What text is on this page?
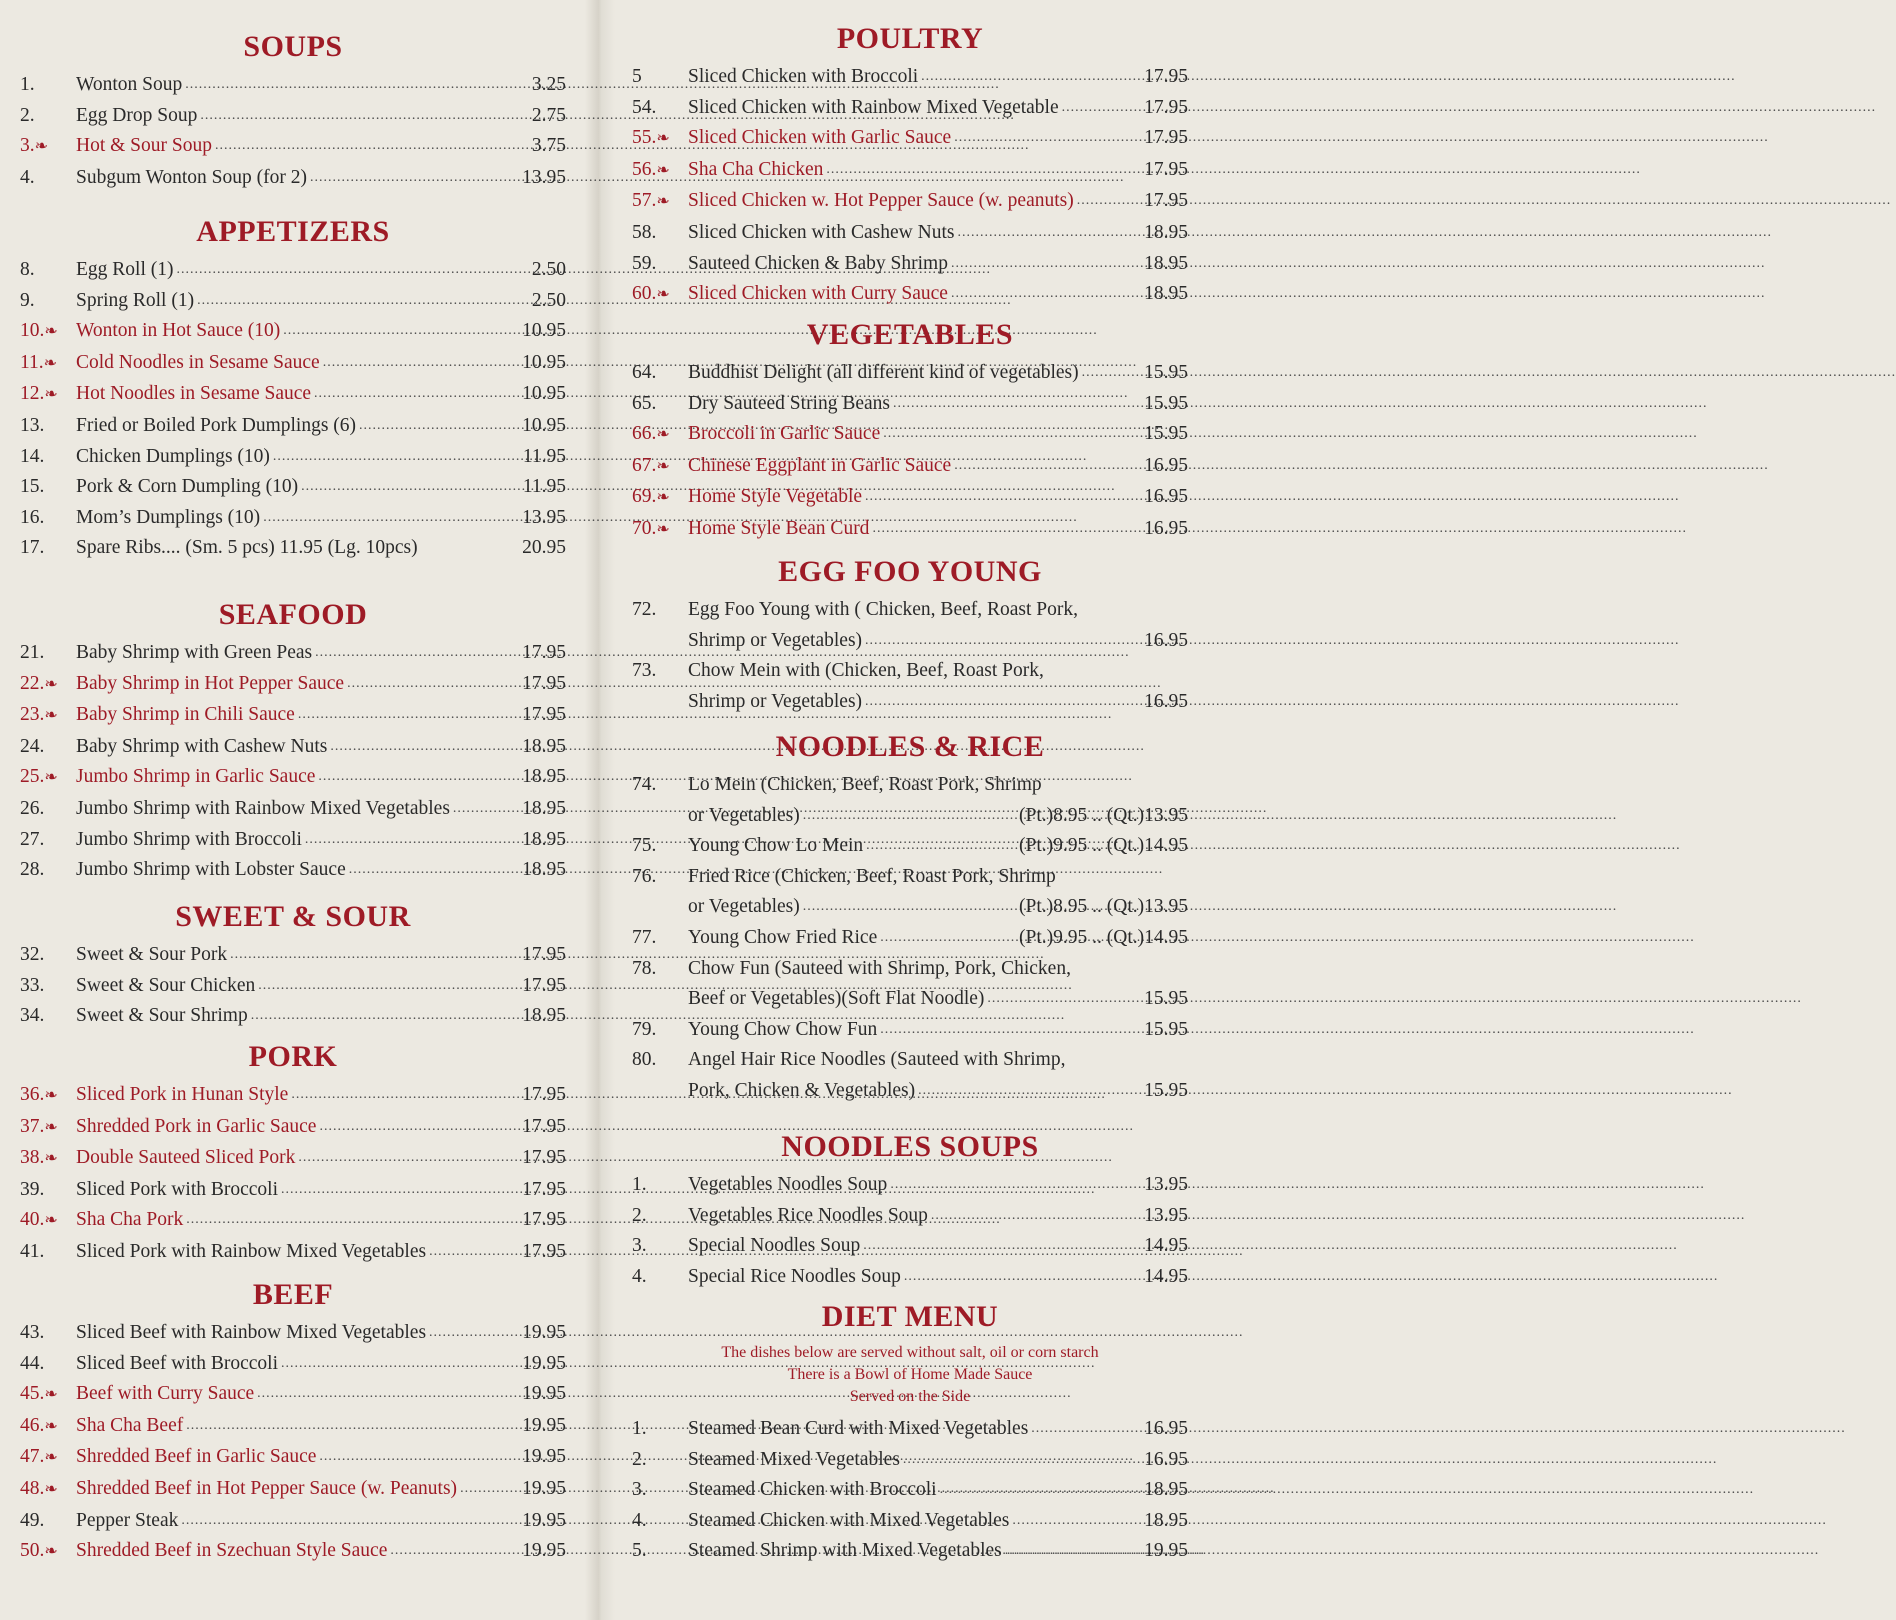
SOUPS
1.	Wonton Soup .....	3.25
2.	Egg Drop Soup .....	2.75
3.❧	Hot & Sour Soup .....	3.75
4.	Subgum Wonton Soup (for 2) .....	13.95
APPETIZERS
8.	Egg Roll (1) .....	2.50
9.	Spring Roll (1) .....	2.50
10.❧ Wonton in Hot Sauce (10) .....	10.95
11.❧ Cold Noodles in Sesame Sauce .....	10.95
12.❧ Hot Noodles in Sesame Sauce .....	10.95
13.	Fried or Boiled Pork Dumplings (6) .....	10.95
14.	Chicken Dumplings (10) .....	11.95
15.	Pork & Corn Dumpling (10) .....	11.95
16.	Mom’s Dumplings (10) .....	13.95
17.	Spare Ribs.... (Sm. 5 pcs) 11.95 (Lg. 10pcs)	20.95
SEAFOOD
21.	Baby Shrimp with Green Peas .....	17.95
22.❧ Baby Shrimp in Hot Pepper Sauce .....	17.95
23.❧ Baby Shrimp in Chili Sauce .....	17.95
24.	Baby Shrimp with Cashew Nuts .....	18.95
25.❧ Jumbo Shrimp in Garlic Sauce .....	18.95
26.	Jumbo Shrimp with Rainbow Mixed Vegetables .....	18.95
27.	Jumbo Shrimp with Broccoli .....	18.95
28.	Jumbo Shrimp with Lobster Sauce .....	18.95
SWEET & SOUR
32.	Sweet & Sour Pork .....	17.95
33.	Sweet & Sour Chicken .....	17.95
34.	Sweet & Sour Shrimp .....	18.95
PORK
36.❧ Sliced Pork in Hunan Style .....	17.95
37.❧ Shredded Pork in Garlic Sauce .....	17.95
38.❧ Double Sauteed Sliced Pork .....	17.95
39.	Sliced Pork with Broccoli .....	17.95
40.❧ Sha Cha Pork .....	17.95
41.	Sliced Pork with Rainbow Mixed Vegetables .....	17.95
BEEF
43.	Sliced Beef with Rainbow Mixed Vegetables .....	19.95
44.	Sliced Beef with Broccoli .....	19.95
45.❧ Beef with Curry Sauce .....	19.95
46.❧ Sha Cha Beef .....	19.95
47.❧ Shredded Beef in Garlic Sauce .....	19.95
48.❧ Shredded Beef in Hot Pepper Sauce (w. Peanuts) .....	19.95
49.	Pepper Steak .....	19.95
50.❧ Shredded Beef in Szechuan Style Sauce .....	19.95
POULTRY
5	Sliced Chicken with Broccoli .....	17.95
54.	Sliced Chicken with Rainbow Mixed Vegetable .....	17.95
55.❧ Sliced Chicken with Garlic Sauce .....	17.95
56.❧ Sha Cha Chicken .....	17.95
57.❧ Sliced Chicken w. Hot Pepper Sauce (w. peanuts) .....	17.95
58.	Sliced Chicken with Cashew Nuts .....	18.95
59.	Sauteed Chicken & Baby Shrimp .....	18.95
60.❧ Sliced Chicken with Curry Sauce .....	18.95
VEGETABLES
64.	Buddhist Delight (all different kind of vegetables) .....	15.95
65.	Dry Sauteed String Beans .....	15.95
66.❧ Broccoli in Garlic Sauce .....	15.95
67.❧ Chinese Eggplant in Garlic Sauce .....	16.95
69.❧ Home Style Vegetable .....	16.95
70.❧ Home Style Bean Curd .....	16.95
EGG FOO YOUNG
72.	Egg Foo Young with ( Chicken, Beef, Roast Pork,
Shrimp or Vegetables) .....	16.95
73.	Chow Mein with (Chicken, Beef, Roast Pork,
Shrimp or Vegetables) .....	16.95
NOODLES & RICE
74.	Lo Mein (Chicken, Beef, Roast Pork, Shrimp
or Vegetables) .....	(Pt.)8.95 .. (Qt.)13.95
75.	Young Chow Lo Mein .....	(Pt.)9.95 .. (Qt.)14.95
76.	Fried Rice (Chicken, Beef, Roast Pork, Shrimp
or Vegetables) .....	(Pt.)8.95 .. (Qt.)13.95
77.	Young Chow Fried Rice .....	(Pt.)9.95 .. (Qt.)14.95
78.	Chow Fun (Sauteed with Shrimp, Pork, Chicken,
Beef or Vegetables)(Soft Flat Noodle) .....	15.95
79.	Young Chow Chow Fun .....	15.95
80.	Angel Hair Rice Noodles (Sauteed with Shrimp,
Pork, Chicken & Vegetables) .....	15.95
NOODLES SOUPS
1.	Vegetables Noodles Soup .....	13.95
2.	Vegetables Rice Noodles Soup .....	13.95
3.	Special Noodles Soup .....	14.95
4.	Special Rice Noodles Soup .....	14.95
DIET MENU
The dishes below are served without salt, oil or corn starch
There is a Bowl of Home Made Sauce
Served on the Side
1.	Steamed Bean Curd with Mixed Vegetables .....	16.95
2.	Steamed Mixed Vegetables .....	16.95
3.	Steamed Chicken with Broccoli .....	18.95
4.	Steamed Chicken with Mixed Vegetables .....	18.95
5.	Steamed Shrimp with Mixed Vegetables .....	19.95
